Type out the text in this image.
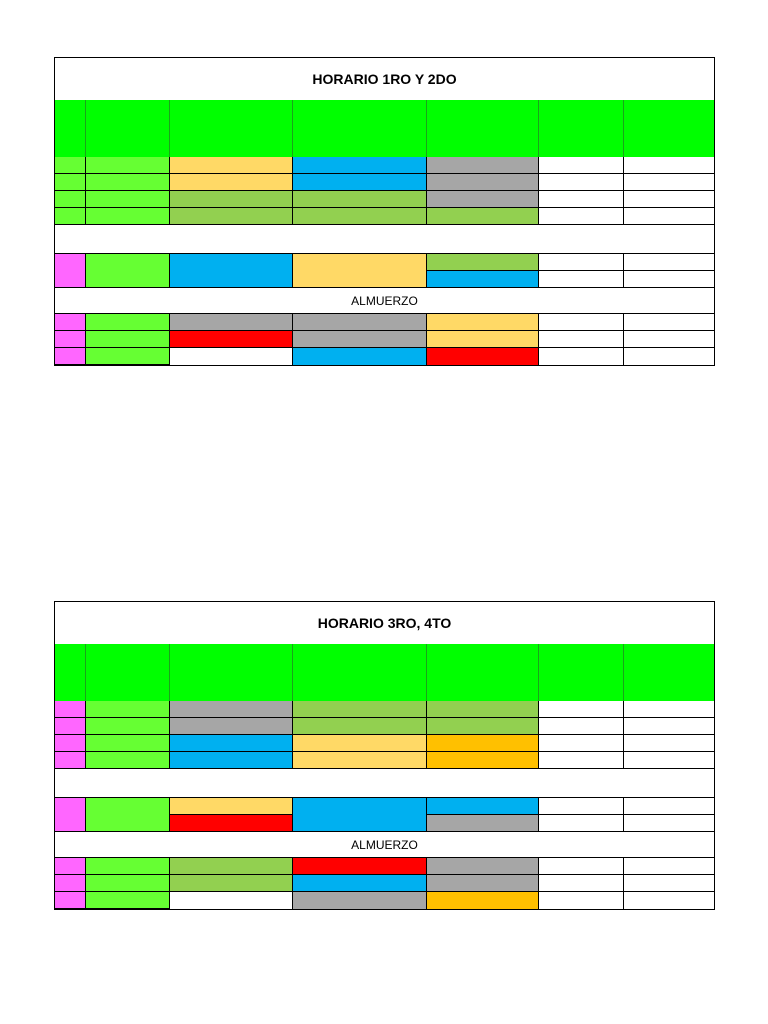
HORARIO 1RO Y 2DO
ALMUERZO
HORARIO 3RO, 4TO
ALMUERZO
